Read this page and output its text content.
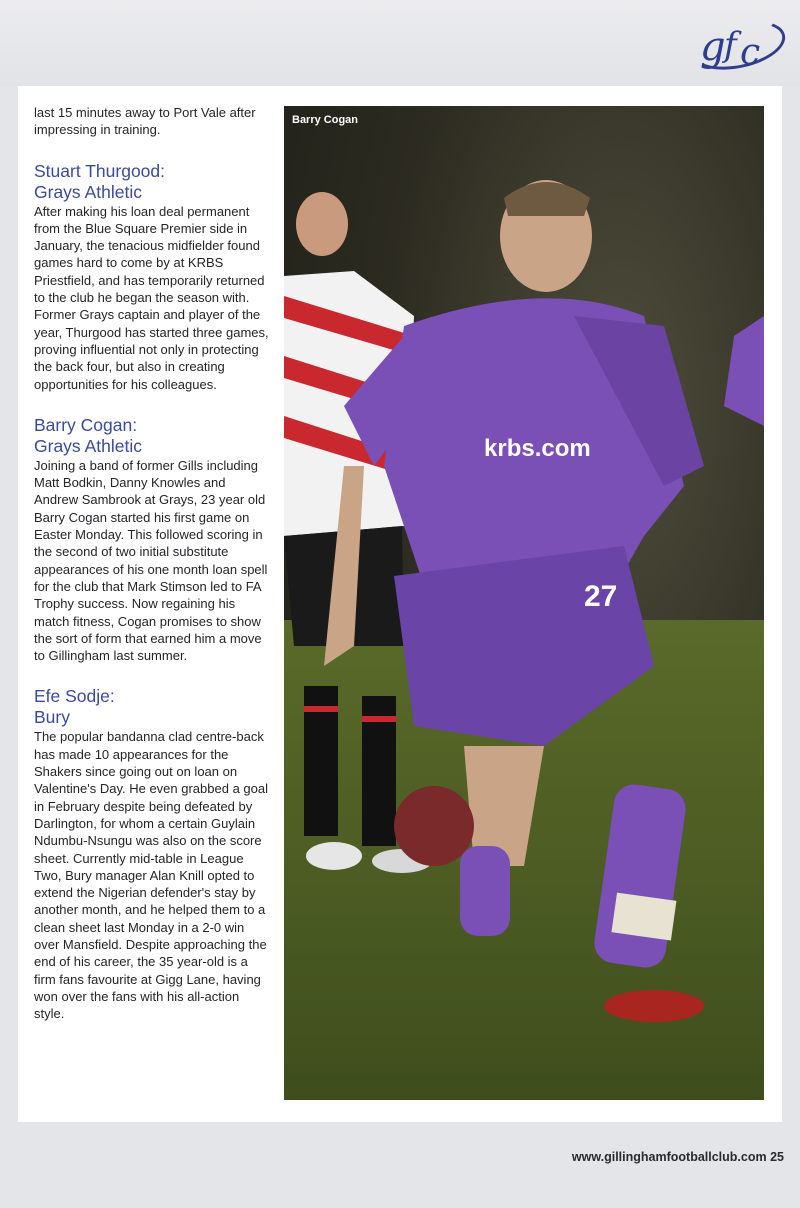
g f c

last 15 minutes away to Port Vale after impressing in training.

Stuart Thurgood:
Grays Athletic

After making his loan deal permanent from the Blue Square Premier side in January, the tenacious midfielder found games hard to come by at KRBS Priestfield, and has temporarily returned to the club he began the season with. Former Grays captain and player of the year, Thurgood has started three games, proving influential not only in protecting the back four, but also in creating opportunities for his colleagues.

Barry Cogan:
Grays Athletic

Joining a band of former Gills including Matt Bodkin, Danny Knowles and Andrew Sambrook at Grays, 23 year old Barry Cogan started his first game on Easter Monday. This followed scoring in the second of two initial substitute appearances of his one month loan spell for the club that Mark Stimson led to FA Trophy success. Now regaining his match fitness, Cogan promises to show the sort of form that earned him a move to Gillingham last summer.

Efe Sodje:
Bury

The popular bandanna clad centre-back has made 10 appearances for the Shakers since going out on loan on Valentine's Day. He even grabbed a goal in February despite being defeated by Darlington, for whom a certain Guylain Ndumbu-Nsungu was also on the score sheet. Currently mid-table in League Two, Bury manager Alan Knill opted to extend the Nigerian defender's stay by another month, and he helped them to a clean sheet last Monday in a 2-0 win over Mansfield. Despite approaching the end of his career, the 35 year-old is a firm fans favourite at Gigg Lane, having won over the fans with his all-action style.

krbs.com
27
Barry Cogan
www.gillinghamfootballclub.com 25
